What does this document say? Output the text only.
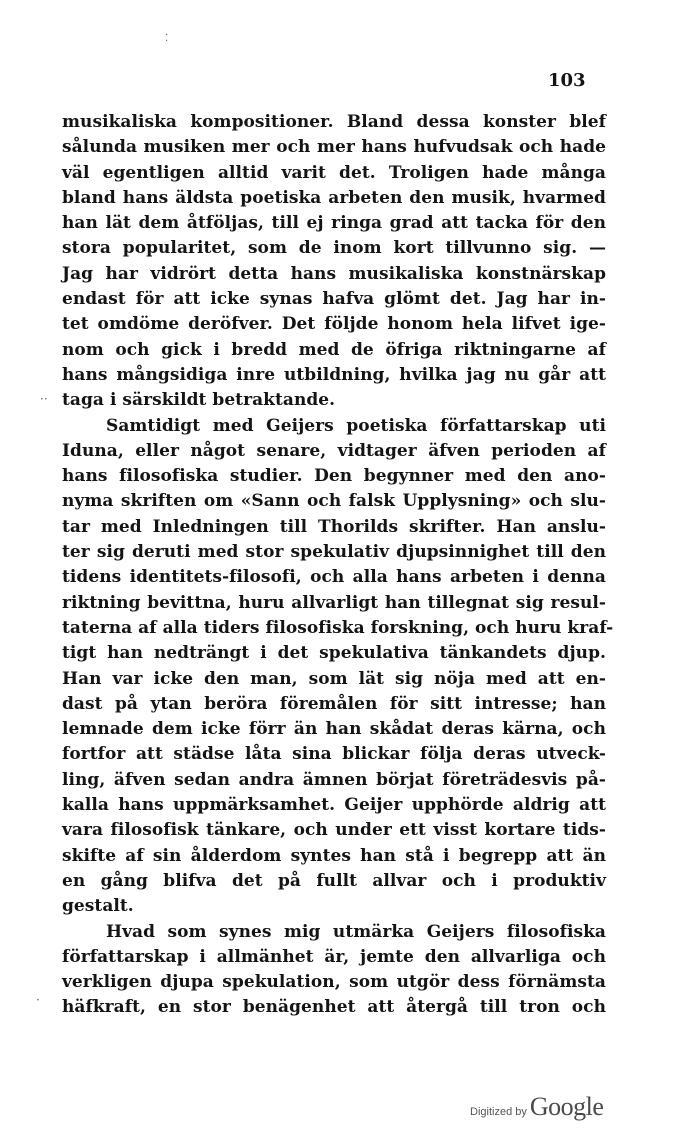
⁚
103
musikaliska kompositioner. Bland dessa konster blef
sålunda musiken mer och mer hans hufvudsak och hade
väl egentligen alltid varit det. Troligen hade många
bland hans äldsta poetiska arbeten den musik, hvarmed
han lät dem åtföljas, till ej ringa grad att tacka för den
stora popularitet, som de inom kort tillvunno sig. —
Jag har vidrört detta hans musikaliska konstnärskap
endast för att icke synas hafva glömt det. Jag har in-
tet omdöme deröfver. Det följde honom hela lifvet ige-
nom och gick i bredd med de öfriga riktningarne af
hans mångsidiga inre utbildning, hvilka jag nu går att
taga i särskildt betraktande.
Samtidigt med Geijers poetiska författarskap uti
Iduna, eller något senare, vidtager äfven perioden af
hans filosofiska studier. Den begynner med den ano-
nyma skriften om «Sann och falsk Upplysning» och slu-
tar med Inledningen till Thorilds skrifter. Han anslu-
ter sig deruti med stor spekulativ djupsinnighet till den
tidens identitets-filosofi, och alla hans arbeten i denna
riktning bevittna, huru allvarligt han tillegnat sig resul-
taterna af alla tiders filosofiska forskning, och huru kraf-
tigt han nedträngt i det spekulativa tänkandets djup.
Han var icke den man, som lät sig nöja med att en-
dast på ytan beröra föremålen för sitt intresse; han
lemnade dem icke förr än han skådat deras kärna, och
fortfor att städse låta sina blickar följa deras utveck-
ling, äfven sedan andra ämnen börjat företrädesvis på-
kalla hans uppmärksamhet. Geijer upphörde aldrig att
vara filosofisk tänkare, och under ett visst kortare tids-
skifte af sin ålderdom syntes han stå i begrepp att än
en gång blifva det på fullt allvar och i produktiv
gestalt.
Hvad som synes mig utmärka Geijers filosofiska
författarskap i allmänhet är, jemte den allvarliga och
verkligen djupa spekulation, som utgör dess förnämsta
häfkraft, en stor benägenhet att återgå till tron och
··
·
Digitized by Google
